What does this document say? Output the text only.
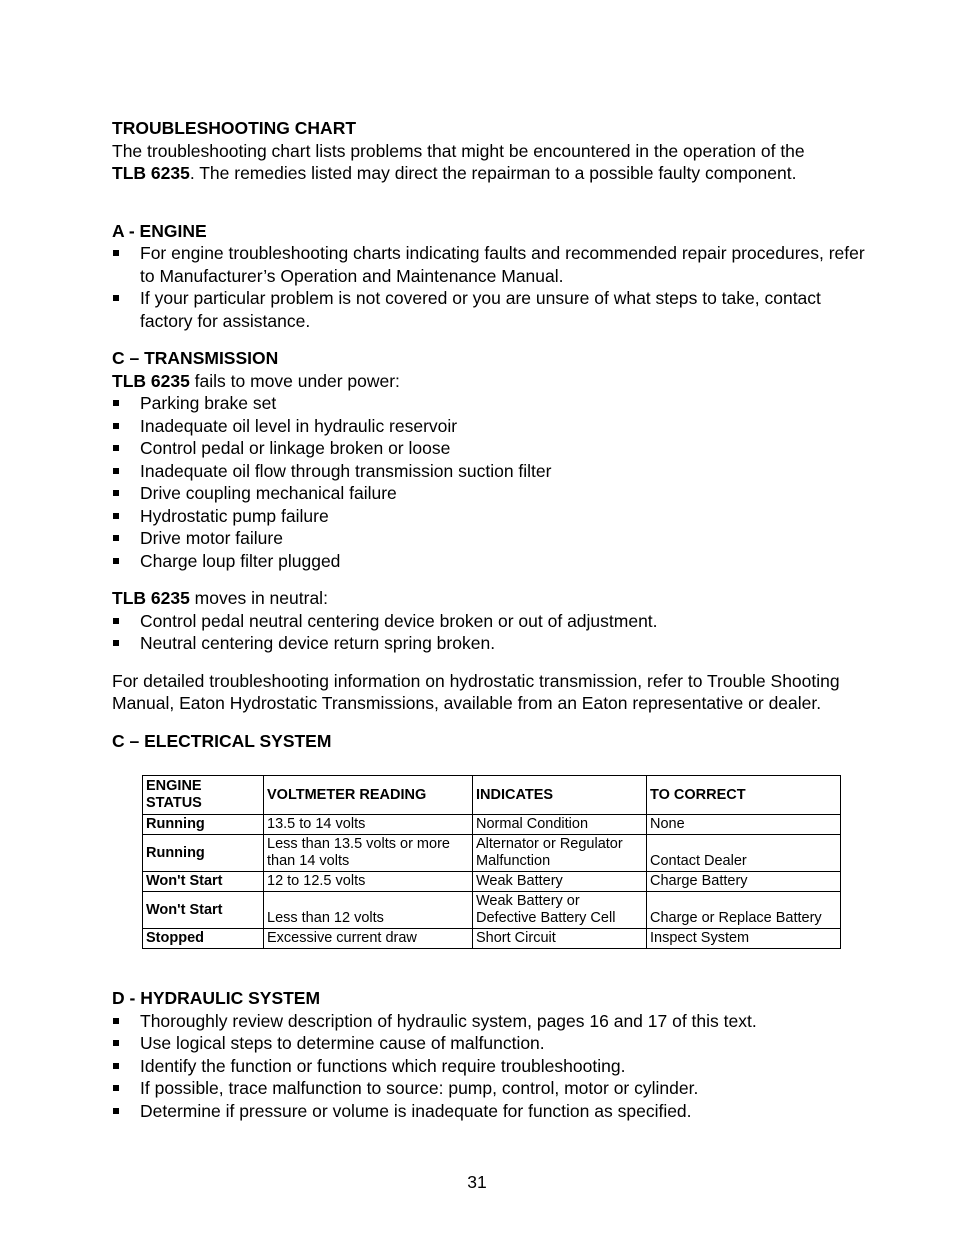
TROUBLESHOOTING CHART

The troubleshooting chart lists problems that might be encountered in the operation of the
TLB 6235. The remedies listed may direct the repairman to a possible faulty component.

A - ENGINE
For engine troubleshooting charts indicating faults and recommended repair procedures, refer to Manufacturer’s Operation and Maintenance Manual.
If your particular problem is not covered or you are unsure of what steps to take, contact factory for assistance.
C – TRANSMISSION

TLB 6235 fails to move under power:

Parking brake set
Inadequate oil level in hydraulic reservoir
Control pedal or linkage broken or loose
Inadequate oil flow through transmission suction filter
Drive coupling mechanical failure
Hydrostatic pump failure
Drive motor failure
Charge loup filter plugged

TLB 6235 moves in neutral:

Control pedal neutral centering device broken or out of adjustment.
Neutral centering device return spring broken.

For detailed troubleshooting information on hydrostatic transmission, refer to Trouble Shooting Manual, Eaton Hydrostatic Transmissions, available from an Eaton representative or dealer.

C – ELECTRICAL SYSTEM
ENGINE STATUS	VOLTMETER READING	INDICATES	TO CORRECT
Running	13.5 to 14 volts	Normal Condition	None
Running	Less than 13.5 volts or more than 14 volts	Alternator or Regulator Malfunction	Contact Dealer
Won't Start	12 to 12.5 volts	Weak Battery	Charge Battery
Won't Start	Less than 12 volts	Weak Battery or Defective Battery Cell	Charge or Replace Battery
Stopped	Excessive current draw	Short Circuit	Inspect System
D - HYDRAULIC SYSTEM
Thoroughly review description of hydraulic system, pages 16 and 17 of this text.
Use logical steps to determine cause of malfunction.
Identify the function or functions which require troubleshooting.
If possible, trace malfunction to source: pump, control, motor or cylinder.
Determine if pressure or volume is inadequate for function as specified.
31
